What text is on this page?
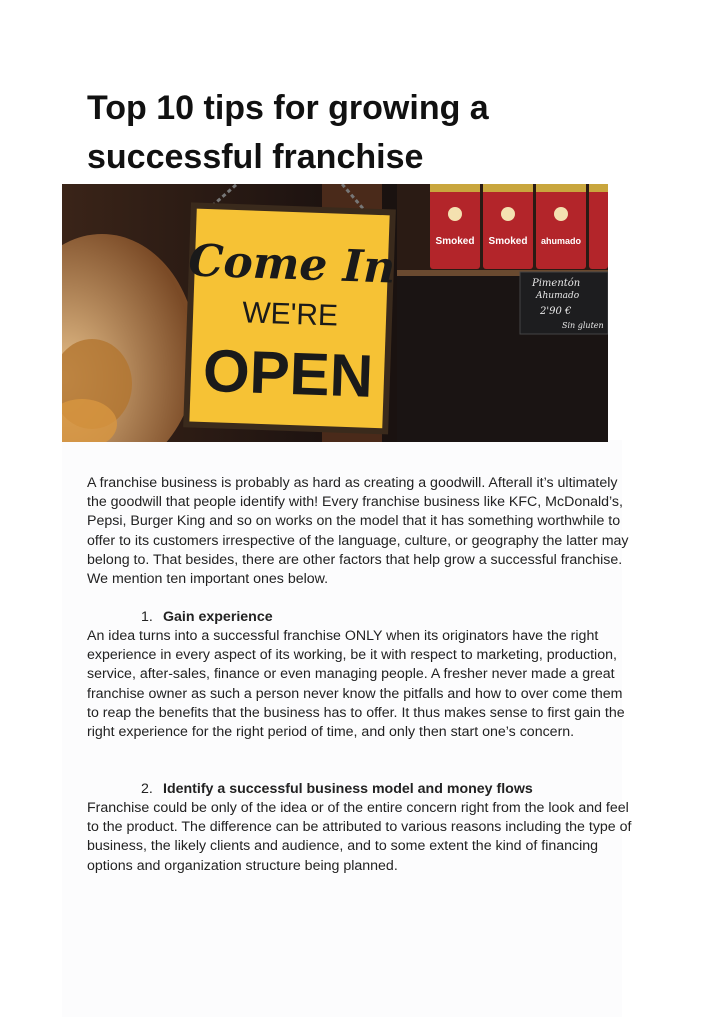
Top 10 tips for growing a successful franchise
Smoked Smoked ahumado
Pimentón
Ahumado
2'90 €
Sin gluten
Come In
WE'RE
OPEN

A franchise business is probably as hard as creating a goodwill. Afterall it’s ultimately the goodwill that people identify with! Every franchise business like KFC, McDonald’s, Pepsi, Burger King and so on works on the model that it has something worthwhile to offer to its customers irrespective of the language, culture, or geography the latter may belong to. That besides, there are other factors that help grow a successful franchise. We mention ten important ones below.

1. Gain experience

An idea turns into a successful franchise ONLY when its originators have the right experience in every aspect of its working, be it with respect to marketing, production, service, after-sales, finance or even managing people. A fresher never made a great franchise owner as such a person never know the pitfalls and how to over come them to reap the benefits that the business has to offer. It thus makes sense to first gain the right experience for the right period of time, and only then start one’s concern.

2. Identify a successful business model and money flows

Franchise could be only of the idea or of the entire concern right from the look and feel to the product. The difference can be attributed to various reasons including the type of business, the likely clients and audience, and to some extent the kind of financing options and organization structure being planned.
